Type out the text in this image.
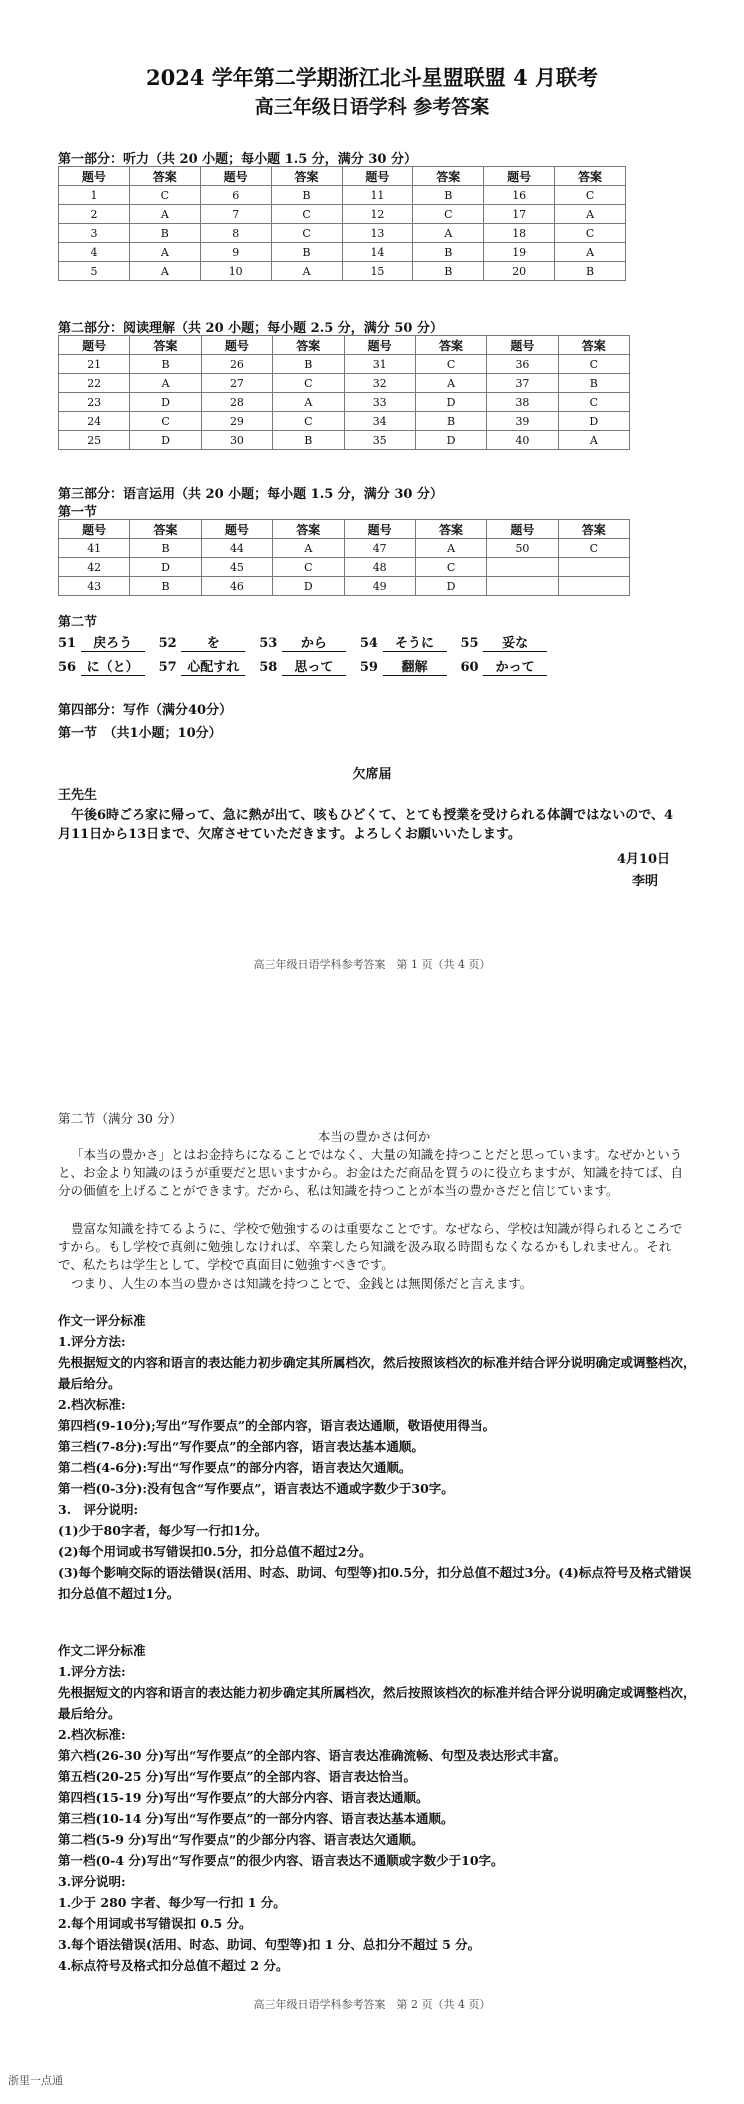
2024 学年第二学期浙江北斗星盟联盟 4 月联考
高三年级日语学科 参考答案
第一部分：听力（共 20 小题；每小题 1.5 分，满分 30 分）
题号	答案	题号	答案	题号	答案	题号	答案
1	C	6	B	11	B	16	C
2	A	7	C	12	C	17	A
3	B	8	C	13	A	18	C
4	A	9	B	14	B	19	A
5	A	10	A	15	B	20	B
第二部分：阅读理解（共 20 小题；每小题 2.5 分，满分 50 分）
题号	答案	题号	答案	题号	答案	题号	答案
21	B	26	B	31	C	36	C
22	A	27	C	32	A	37	B
23	D	28	A	33	D	38	C
24	C	29	C	34	B	39	D
25	D	30	B	35	D	40	A
第三部分：语言运用（共 20 小题；每小题 1.5 分，满分 30 分）
第一节
题号	答案	题号	答案	题号	答案	题号	答案
41	B	44	A	47	A	50	C
42	D	45	C	48	C		
43	B	46	D	49	D		
第二节
51 戻ろう 52 を	53 から	54 そうに 55 妥な
56 に（と） 57 心配すれ 58 思って 59 翻解	60 かって
第四部分：写作（满分40分）
第一节　（共1小题；10分）
欠席届
王先生
　午後6時ごろ家に帰って、急に熱が出て、咳もひどくて、とても授業を受けられる体調ではないので、4月11日から13日まで、欠席させていただきます。よろしくお願いいたします。
4月10日
李明
高三年级日语学科参考答案　第 1 页（共 4 页）
第二节（满分 30 分）
本当の豊かさは何か
「本当の豊かさ」とはお金持ちになることではなく、大量の知識を持つことだと思っています。なぜかというと、お金より知識のほうが重要だと思いますから。お金はただ商品を買うのに役立ちますが、知識を持てば、自分の価値を上げることができます。だから、私は知識を持つことが本当の豊かさだと信じています。
豊富な知識を持てるように、学校で勉強するのは重要なことです。なぜなら、学校は知識が得られるところですから。もし学校で真剣に勉強しなければ、卒業したら知識を汲み取る時間もなくなるかもしれません。それで、私たちは学生として、学校で真面目に勉強すべきです。
つまり、人生の本当の豊かさは知識を持つことで、金銭とは無関係だと言えます。
作文一评分标准
1.评分方法:
先根据短文的内容和语言的表达能力初步确定其所属档次，然后按照该档次的标准并结合评分说明确定或调整档次，最后给分。
2.档次标准:
第四档(9-10分);写出“写作要点”的全部内容，语言表达通顺，敬语使用得当。
第三档(7-8分):写出“写作要点”的全部内容，语言表达基本通顺。
第二档(4-6分):写出“写作要点”的部分内容，语言表达欠通顺。
第一档(0-3分):没有包含“写作要点”，语言表达不通或字数少于30字。
3.　评分说明:
(1)少于80字者，每少写一行扣1分。
(2)每个用词或书写错误扣0.5分，扣分总值不超过2分。
(3)每个影响交际的语法错误(活用、时态、助词、句型等)扣0.5分，扣分总值不超过3分。(4)标点符号及格式错误扣分总值不超过1分。
作文二评分标准
1.评分方法:
先根据短文的内容和语言的表达能力初步确定其所属档次，然后按照该档次的标准并结合评分说明确定或调整档次，最后给分。
2.档次标准:
第六档(26-30 分)写出“写作要点”的全部内容、语言表达准确流畅、句型及表达形式丰富。
第五档(20-25 分)写出“写作要点”的全部内容、语言表达恰当。
第四档(15-19 分)写出“写作要点”的大部分内容、语言表达通顺。
第三档(10-14 分)写出“写作要点”的一部分内容、语言表达基本通顺。
第二档(5-9 分)写出“写作要点”的少部分内容、语言表达欠通顺。
第一档(0-4 分)写出“写作要点”的很少内容、语言表达不通顺或字数少于10字。
3.评分说明:
1.少于 280 字者、每少写一行扣 1 分。
2.每个用词或书写错误扣 0.5 分。
3.每个语法错误(活用、时态、助词、句型等)扣 1 分、总扣分不超过 5 分。
4.标点符号及格式扣分总值不超过 2 分。
高三年级日语学科参考答案　第 2 页（共 4 页）
浙里一点通
